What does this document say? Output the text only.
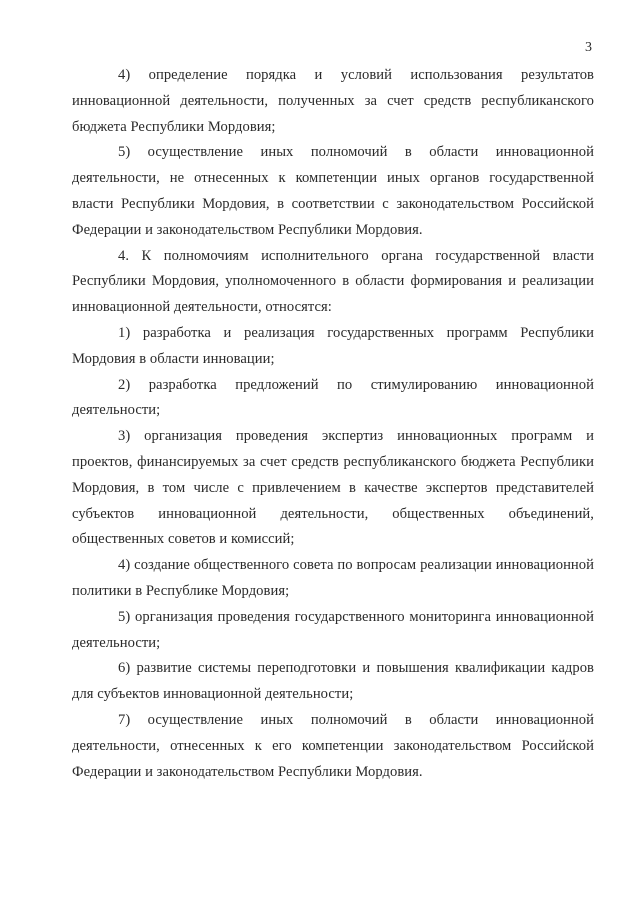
3

4) определение порядка и условий использования результатов инновационной деятельности, полученных за счет средств республиканского бюджета Республики Мордовия;

5) осуществление иных полномочий в области инновационной деятельности, не отнесенных к компетенции иных органов государственной власти Республики Мордовия, в соответствии с законодательством Российской Федерации и законодательством Республики Мордовия.

4. К полномочиям исполнительного органа государственной власти Республики Мордовия, уполномоченного в области формирования и реализации инновационной деятельности, относятся:

1) разработка и реализация государственных программ Республики Мордовия в области инновации;

2) разработка предложений по стимулированию инновационной деятельности;

3) организация проведения экспертиз инновационных программ и проектов, финансируемых за счет средств республиканского бюджета Республики Мордовия, в том числе с привлечением в качестве экспертов представителей субъектов инновационной деятельности, общественных объединений, общественных советов и комиссий;

4) создание общественного совета по вопросам реализации инновационной политики в Республике Мордовия;

5) организация проведения государственного мониторинга инновационной деятельности;

6) развитие системы переподготовки и повышения квалификации кадров для субъектов инновационной деятельности;

7) осуществление иных полномочий в области инновационной деятельности, отнесенных к его компетенции законодательством Российской Федерации и законодательством Республики Мордовия.
